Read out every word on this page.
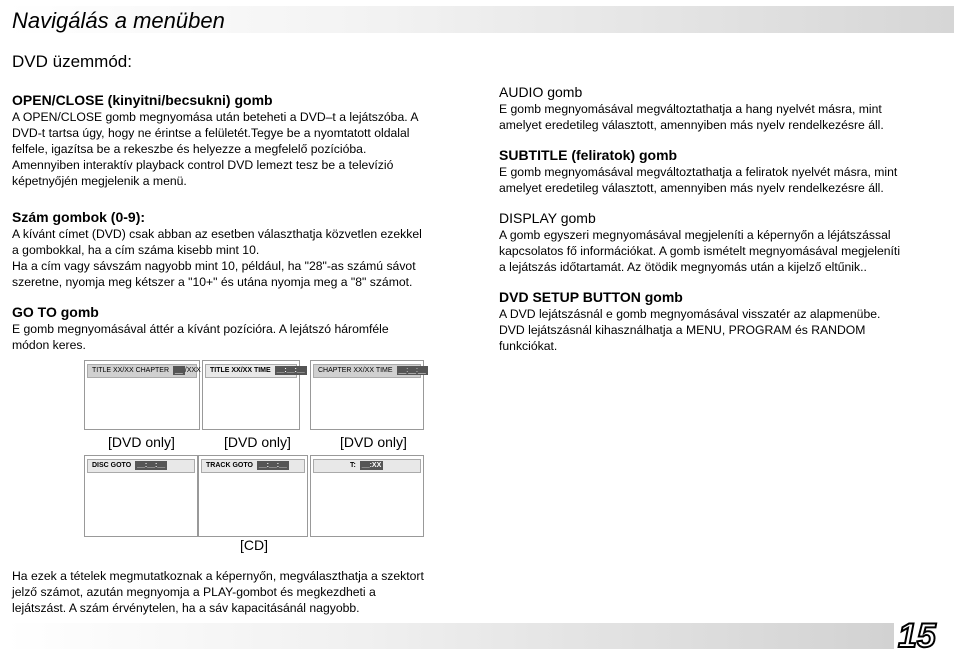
Navigálás a menüben
DVD üzemmód:
OPEN/CLOSE (kinyitni/becsukni) gomb
A OPEN/CLOSE gomb megnyomása után beteheti a DVD–t a lejátszóba. A
DVD-t tartsa úgy, hogy ne érintse a felületét.Tegye be a nyomtatott oldalal
felfele, igazítsa be a rekeszbe és helyezze a megfelelő pozícióba.
Amennyiben interaktív playback control DVD lemezt tesz be a televízió
képetnyőjén megjelenik a menü.
Szám gombok (0-9):
A kívánt címet (DVD) csak abban az esetben választhatja közvetlen ezekkel
a gombokkal, ha a cím száma kisebb mint 10.
Ha a cím vagy sávszám nagyobb mint 10, például, ha "28"-as számú sávot
szeretne, nyomja meg kétszer a "10+" és utána nyomja meg a "8" számot.
GO TO gomb
E gomb megnyomásával áttér a kívánt pozícióra. A lejátszó háromféle
módon keres.
AUDIO gomb
E gomb megnyomásával megváltoztathatja a hang nyelvét másra, mint
amelyet eredetileg választott, amennyiben más nyelv rendelkezésre áll.
SUBTITLE (feliratok) gomb
E gomb megnyomásával megváltoztathatja a feliratok nyelvét másra, mint
amelyet eredetileg választott, amennyiben más nyelv rendelkezésre áll.
DISPLAY gomb
A gomb egyszeri megnyomásával megjeleníti a képernyőn a léjátszással
kapcsolatos fő információkat. A gomb ismételt megnyomásával megjeleníti
a lejátszás időtartamát. Az ötödik megnyomás után a kijelző eltűnik..
DVD SETUP BUTTON gomb
A DVD lejátszásnál e gomb megnyomásával visszatér az alapmenübe.
DVD lejátszásnál kihasználhatja a MENU, PROGRAM és RANDOM
funkciókat.
TITLE XX/XX CHAPTER __ /XXX	TITLE XX/XX TIME __:__:__	CHAPTER XX/XX TIME __:__:__
[DVD only]	[DVD only]	[DVD only]
DISC GOTO __:__:__	TRACK GOTO __:__:__	T: __:XX
[CD]
Ha ezek a tételek megmutatkoznak a képernyőn, megválaszthatja a szektort
jelző számot, azután megnyomja a PLAY-gombot és megkezdheti a
lejátszást. A szám érvénytelen, ha a sáv kapacitásánál nagyobb.
15
